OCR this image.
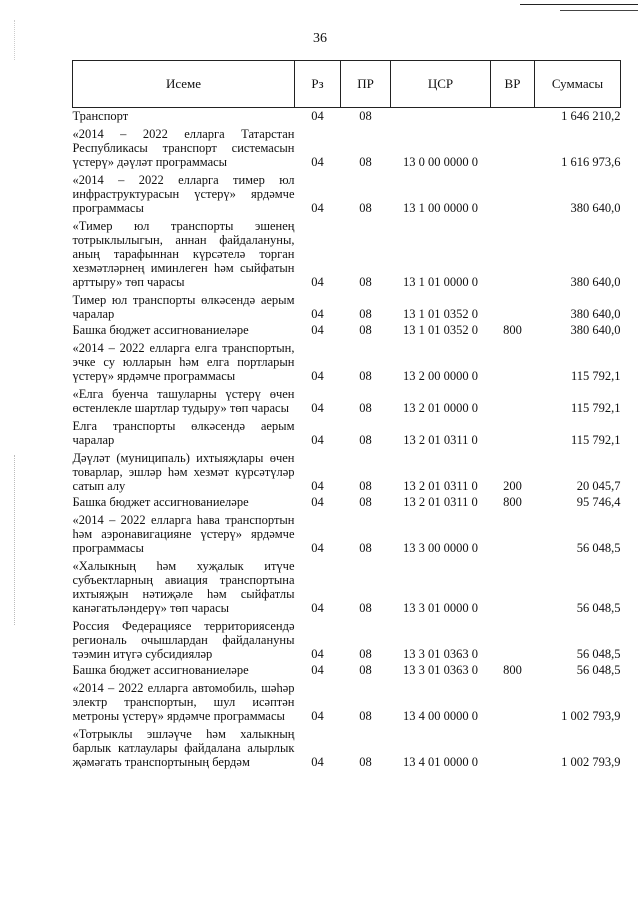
36
Исеме	Рз	ПР	ЦСР	ВР	Суммасы
Транспорт	04	08			1 646 210,2
«2014 – 2022 елларга Татарстан Республикасы транспорт системасын үстерү» дәүләт программасы	04	08	13 0 00 0000 0		1 616 973,6
«2014 – 2022 елларга тимер юл инфраструктурасын үстерү» ярдәмче программасы	04	08	13 1 00 0000 0		380 640,0
«Тимер юл транспорты эшенең тотрыклылыгын, аннан файдалануны, аның тарафыннан күрсәтелә торган хезмәтләрнең иминлеген һәм сыйфатын арттыру» төп чарасы	04	08	13 1 01 0000 0		380 640,0
Тимер юл транспорты өлкәсендә аерым чаралар	04	08	13 1 01 0352 0		380 640,0
Башка бюджет ассигнованиеләре	04	08	13 1 01 0352 0	800	380 640,0
«2014 – 2022 елларга елга транспортын, эчке су юлларын һәм елга портларын үстерү» ярдәмче программасы	04	08	13 2 00 0000 0		115 792,1
«Елга буенча ташуларны үстерү өчен өстенлекле шартлар тудыру» төп чарасы	04	08	13 2 01 0000 0		115 792,1
Елга транспорты өлкәсендә аерым чаралар	04	08	13 2 01 0311 0		115 792,1
Дәүләт (муниципаль) ихтыяҗлары өчен товарлар, эшләр һәм хезмәт күрсәтүләр сатып алу	04	08	13 2 01 0311 0	200	20 045,7
Башка бюджет ассигнованиеләре	04	08	13 2 01 0311 0	800	95 746,4
«2014 – 2022 елларга һава транспортын һәм аэронавигацияне үстерү» ярдәмче программасы	04	08	13 3 00 0000 0		56 048,5
«Халыкның һәм хуҗалык итүче субъектларның авиация транспортына ихтыяҗын нәтиҗәле һәм сыйфатлы канәгатьләндерү» төп чарасы	04	08	13 3 01 0000 0		56 048,5
Россия Федерациясе территориясендә региональ очышлардан файдалануны тәэмин итүгә субсидияләр	04	08	13 3 01 0363 0		56 048,5
Башка бюджет ассигнованиеләре	04	08	13 3 01 0363 0	800	56 048,5
«2014 – 2022 елларга автомобиль, шәһәр электр транспортын, шул исәптән метроны үстерү» ярдәмче программасы	04	08	13 4 00 0000 0		1 002 793,9
«Тотрыклы эшләүче һәм халыкның барлык катлаулары файдалана алырлык җәмәгать транспортының бердәм	04	08	13 4 01 0000 0		1 002 793,9
